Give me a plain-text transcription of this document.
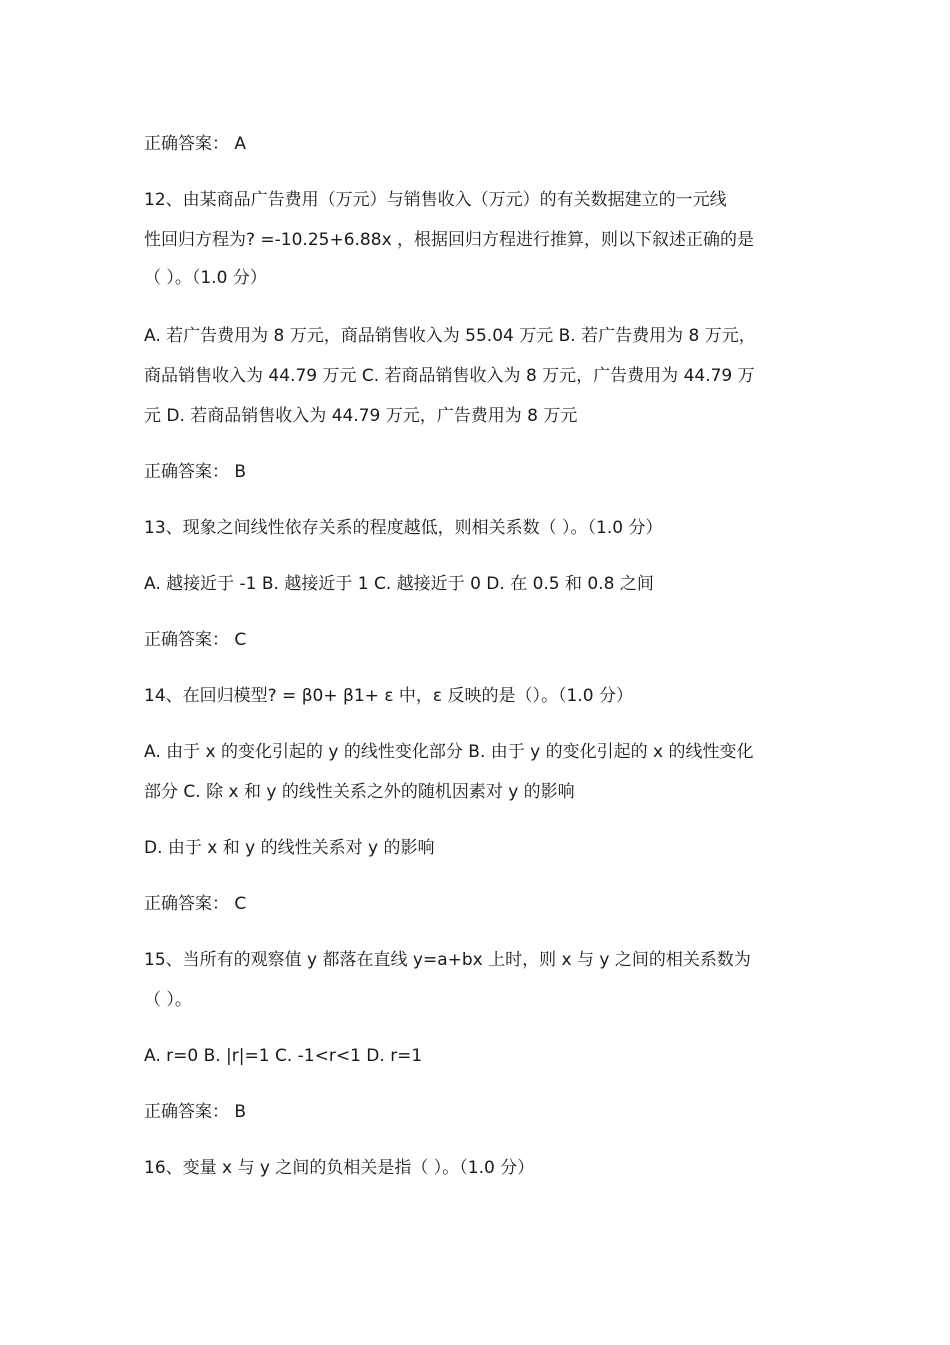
正确答案： A
12、由某商品广告费用（万元）与销售收入（万元）的有关数据建立的一元线
性回归方程为? =-10.25+6.88x ，根据回归方程进行推算，则以下叙述正确的是
（ ）。（1.0 分）
A. 若广告费用为 8 万元，商品销售收入为 55.04 万元 B. 若广告费用为 8 万元，
商品销售收入为 44.79 万元 C. 若商品销售收入为 8 万元，广告费用为 44.79 万
元 D. 若商品销售收入为 44.79 万元，广告费用为 8 万元
正确答案： B
13、现象之间线性依存关系的程度越低，则相关系数（ ）。（1.0 分）
A. 越接近于 -1 B. 越接近于 1 C. 越接近于 0 D. 在 0.5 和 0.8 之间
正确答案： C
14、在回归模型? = β0+ β1+ ε 中，ε 反映的是（）。（1.0 分）
A. 由于 x 的变化引起的 y 的线性变化部分 B. 由于 y 的变化引起的 x 的线性变化
部分 C. 除 x 和 y 的线性关系之外的随机因素对 y 的影响
D. 由于 x 和 y 的线性关系对 y 的影响
正确答案： C
15、当所有的观察值 y 都落在直线 y=a+bx 上时，则 x 与 y 之间的相关系数为
（ ）。
A. r=0 B. |r|=1 C. -1<r<1 D. r=1
正确答案： B
16、变量 x 与 y 之间的负相关是指（ ）。（1.0 分）
